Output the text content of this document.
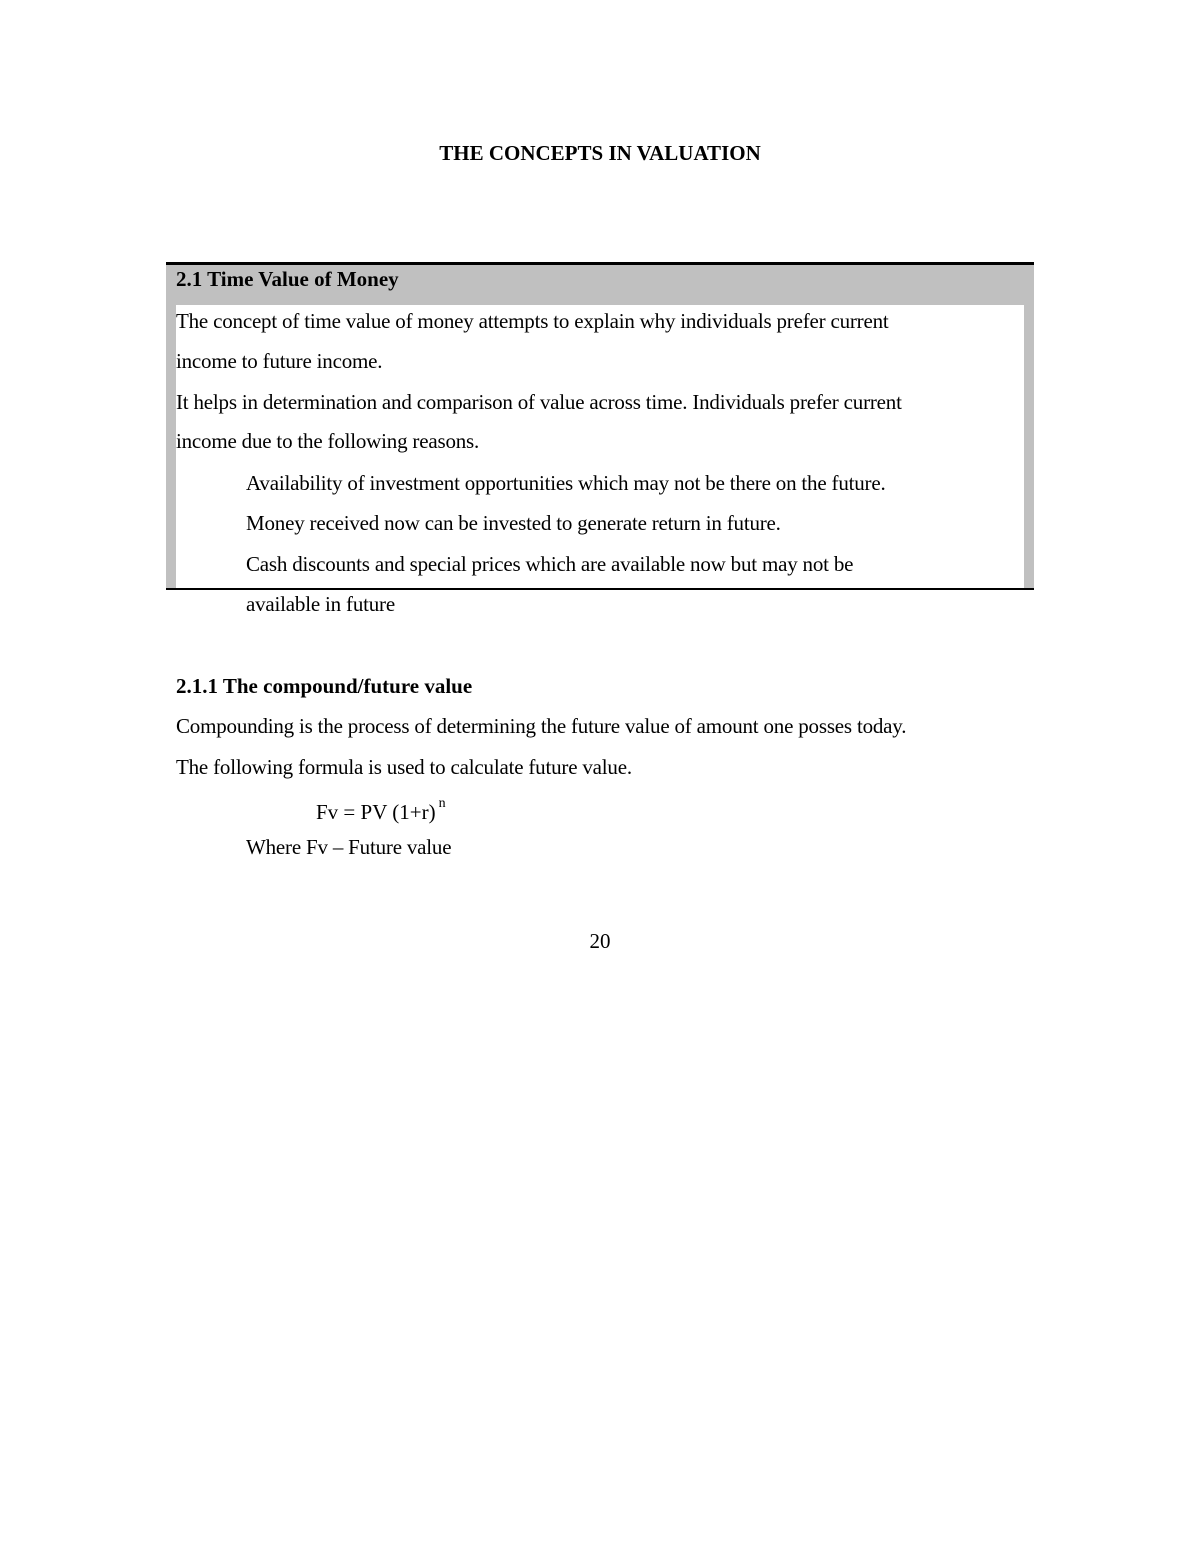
THE CONCEPTS IN VALUATION
2.1 Time Value of Money
The concept of time value of money attempts to explain why individuals prefer current
income to future income.
It helps in determination and comparison of value across time. Individuals prefer current
income due to the following reasons.
Availability of investment opportunities which may not be there on the future.
Money received now can be invested to generate return in future.
Cash discounts and special prices which are available now but may not be
available in future
2.1.1 The compound/future value
Compounding is the process of determining the future value of amount one posses today.
The following formula is used to calculate future value.
Fv = PV (1+r) $^n$
Where Fv – Future value
20
